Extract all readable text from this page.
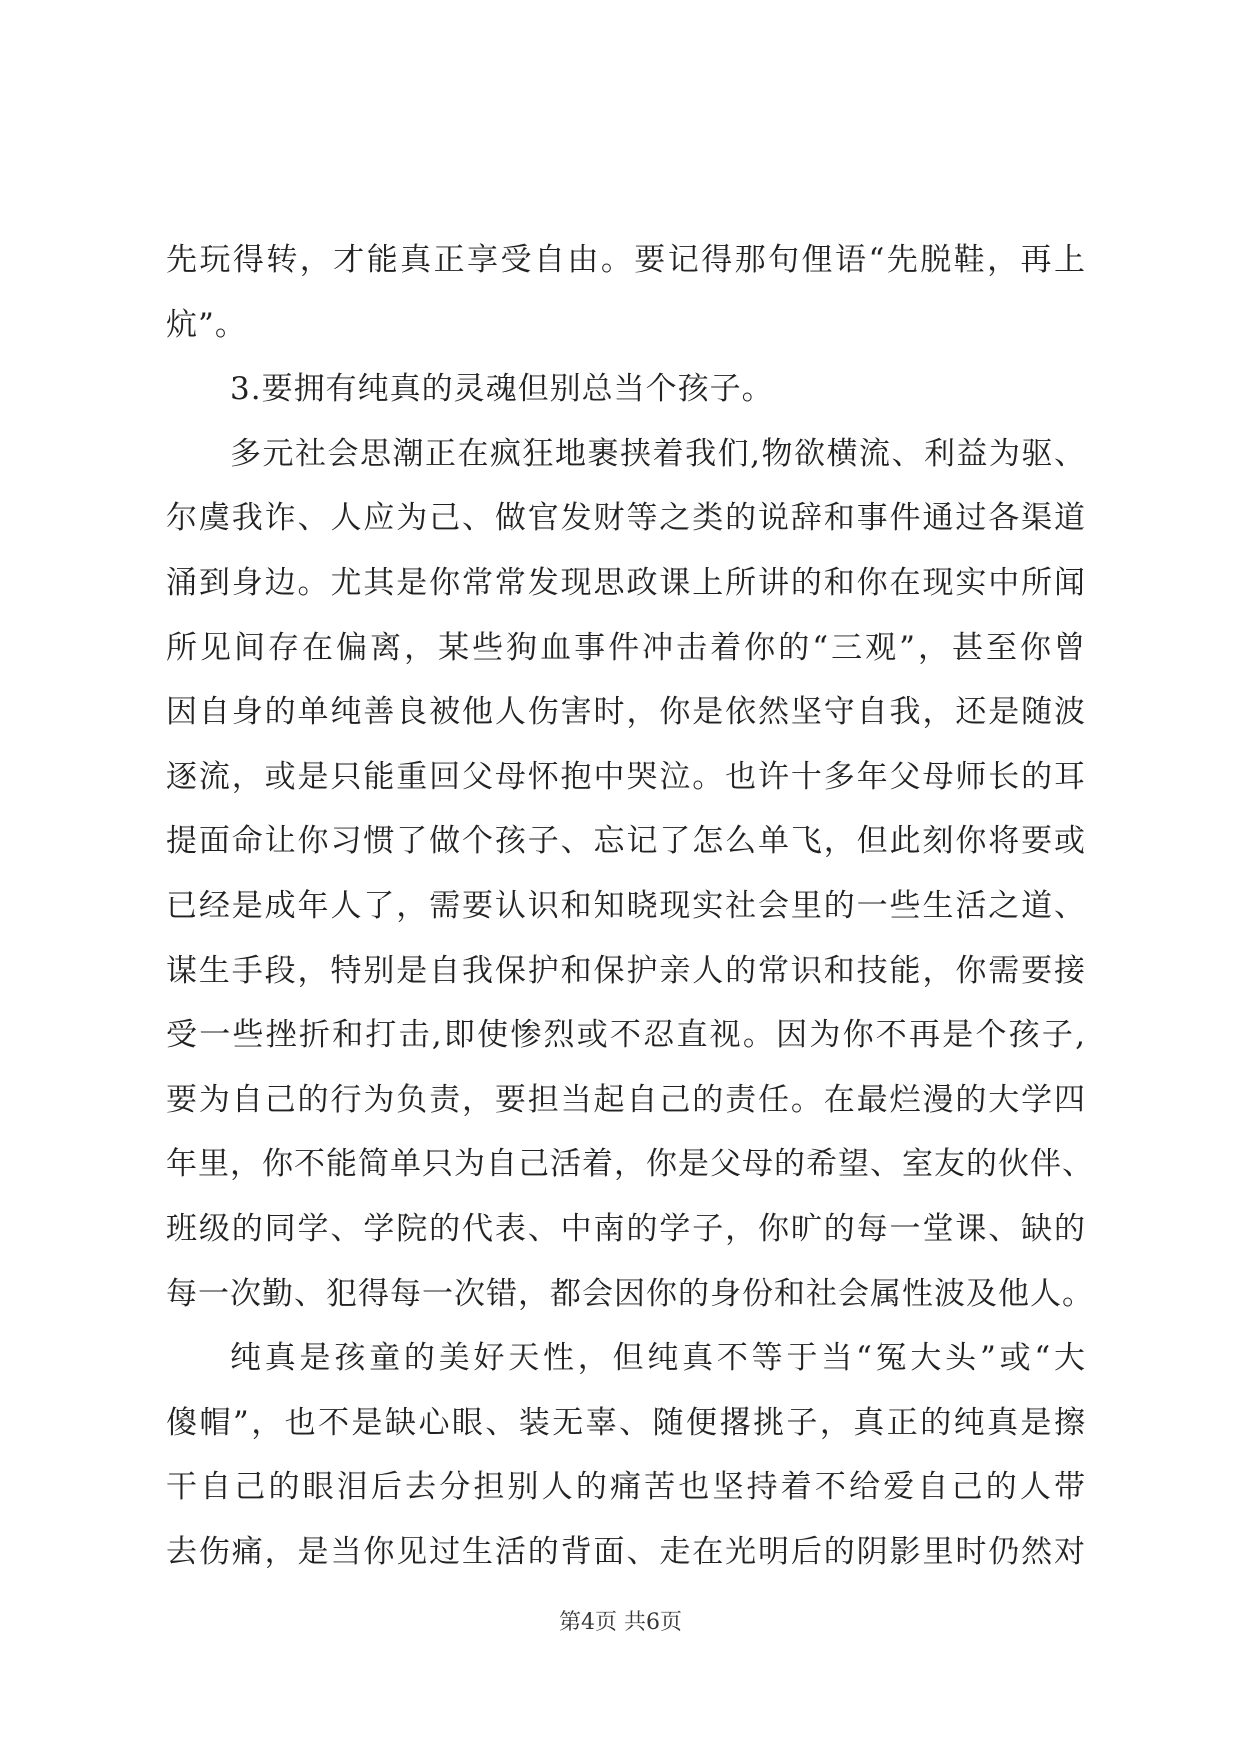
先玩得转，才能真正享受自由。要记得那句俚语“先脱鞋，再上
炕”。
3.要拥有纯真的灵魂但别总当个孩子。
多元社会思潮正在疯狂地裹挟着我们,物欲横流、利益为驱、
尔虞我诈、人应为己、做官发财等之类的说辞和事件通过各渠道
涌到身边。尤其是你常常发现思政课上所讲的和你在现实中所闻
所见间存在偏离，某些狗血事件冲击着你的“三观”，甚至你曾
因自身的单纯善良被他人伤害时，你是依然坚守自我，还是随波
逐流，或是只能重回父母怀抱中哭泣。也许十多年父母师长的耳
提面命让你习惯了做个孩子、忘记了怎么单飞，但此刻你将要或
已经是成年人了，需要认识和知晓现实社会里的一些生活之道、
谋生手段，特别是自我保护和保护亲人的常识和技能，你需要接
受一些挫折和打击,即使惨烈或不忍直视。因为你不再是个孩子,
要为自己的行为负责，要担当起自己的责任。在最烂漫的大学四
年里，你不能简单只为自己活着，你是父母的希望、室友的伙伴、
班级的同学、学院的代表、中南的学子，你旷的每一堂课、缺的
每一次勤、犯得每一次错，都会因你的身份和社会属性波及他人。
纯真是孩童的美好天性，但纯真不等于当“冤大头”或“大
傻帽”，也不是缺心眼、装无辜、随便撂挑子，真正的纯真是擦
干自己的眼泪后去分担别人的痛苦也坚持着不给爱自己的人带
去伤痛，是当你见过生活的背面、走在光明后的阴影里时仍然对
第4页 共6页
